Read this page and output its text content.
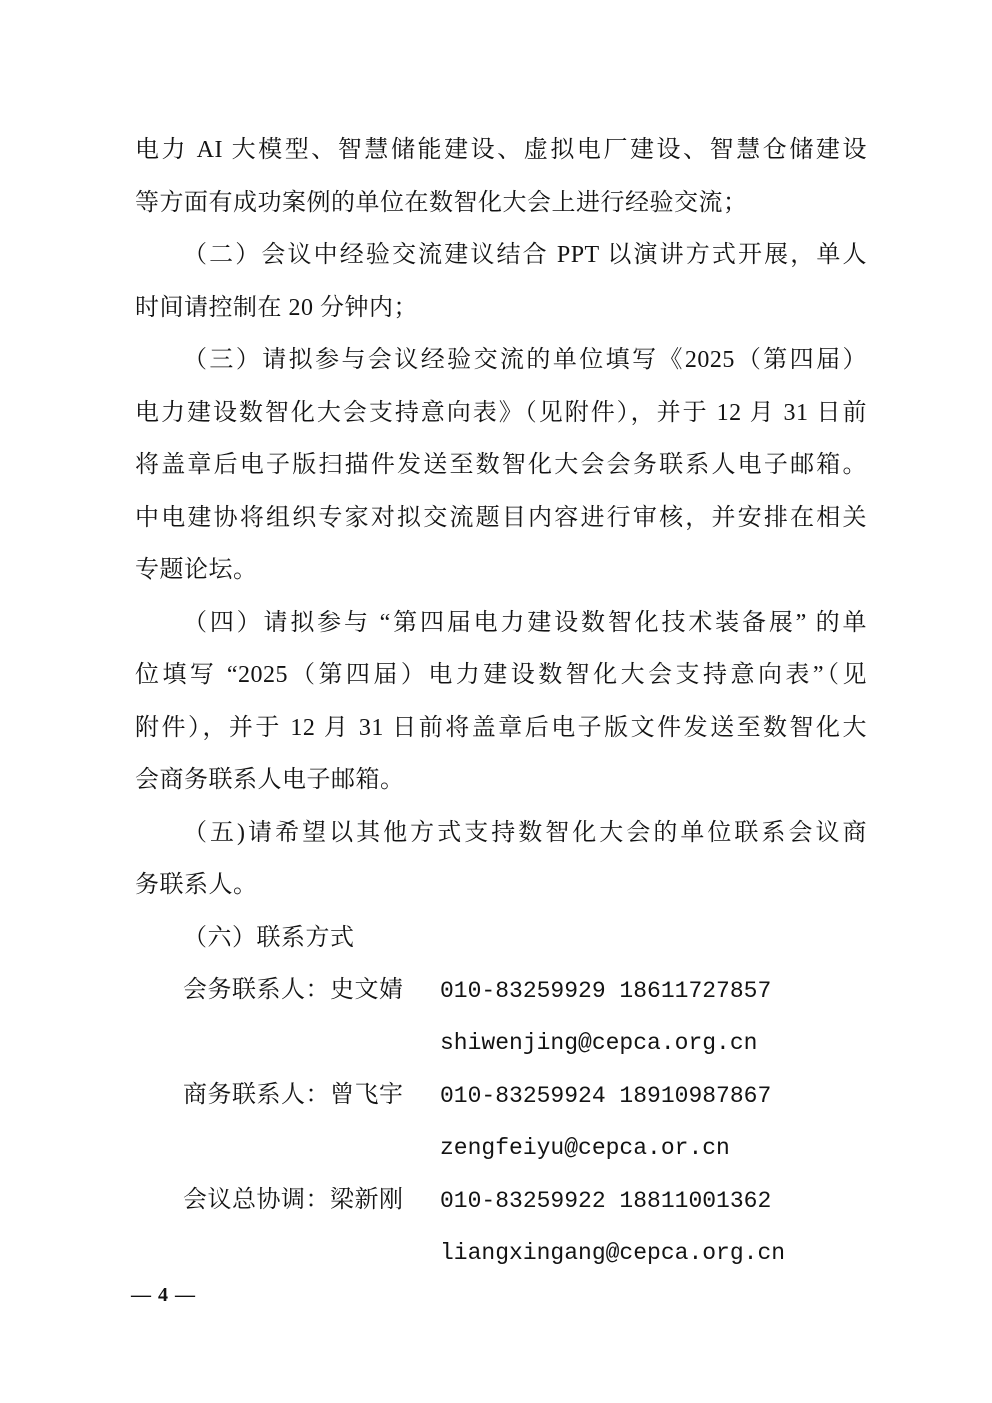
电力 AI 大模型、智慧储能建设、虚拟电厂建设、智慧仓储建设
等方面有成功案例的单位在数智化大会上进行经验交流；
（二）会议中经验交流建议结合 PPT 以演讲方式开展，单人
时间请控制在 20 分钟内；
（三）请拟参与会议经验交流的单位填写《2025（第四届）
电力建设数智化大会支持意向表》（见附件），并于 12 月 31 日前
将盖章后电子版扫描件发送至数智化大会会务联系人电子邮箱。
中电建协将组织专家对拟交流题目内容进行审核，并安排在相关
专题论坛。
（四）请拟参与 “第四届电力建设数智化技术装备展” 的单
位填写 “2025（第四届）电力建设数智化大会支持意向表”（见
附件），并于 12 月 31 日前将盖章后电子版文件发送至数智化大
会商务联系人电子邮箱。
（五)请希望以其他方式支持数智化大会的单位联系会议商
务联系人。
（六）联系方式
会务联系人：史文婧 010-83259929 18611727857
shiwenjing@cepca.org.cn
商务联系人：曾飞宇 010-83259924 18910987867
zengfeiyu@cepca.or.cn
会议总协调：梁新刚 010-83259922 18811001362
liangxingang@cepca.org.cn
— 4 —
